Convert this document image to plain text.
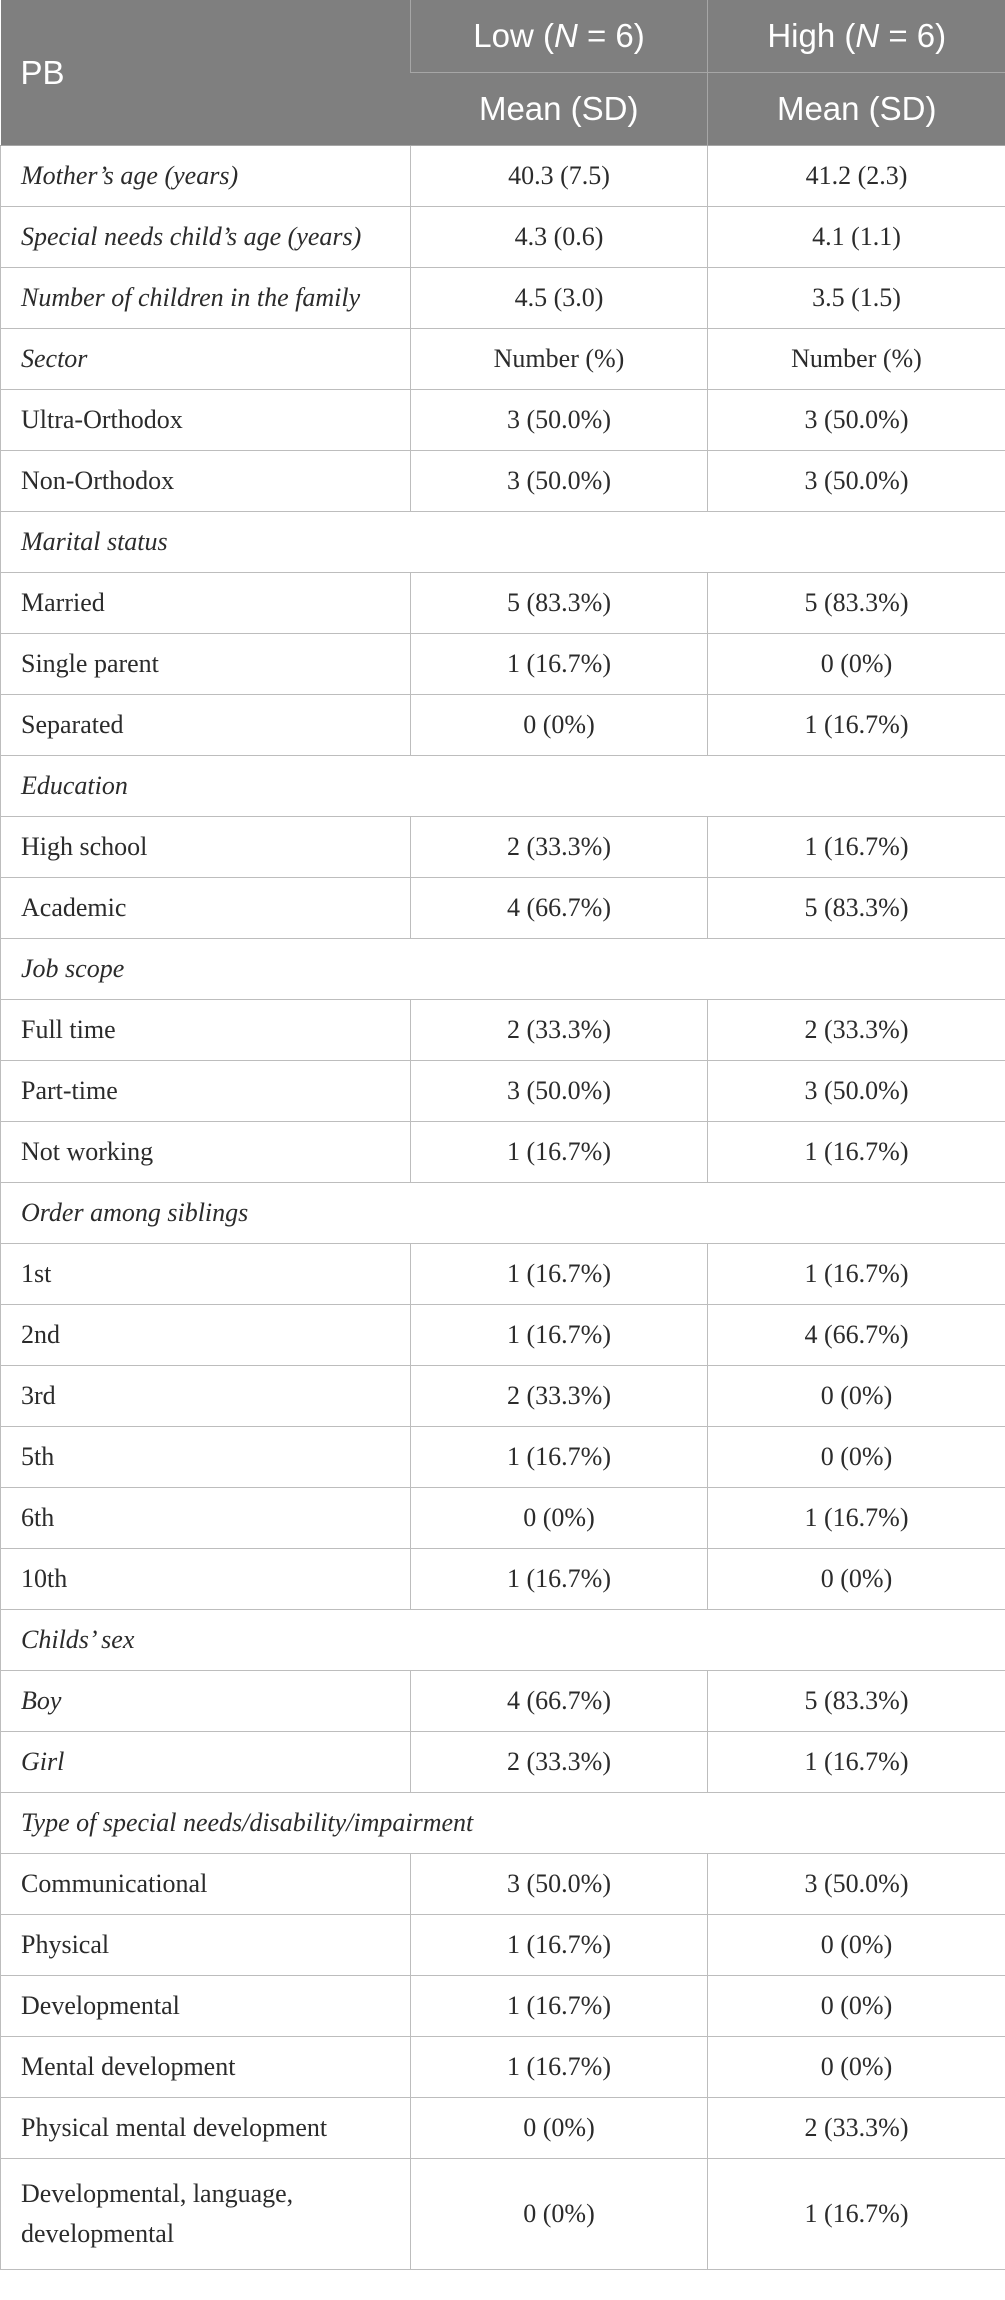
PB	Low (N = 6)	High (N = 6)
	Mean (SD)	Mean (SD)
Mother’s age (years)	40.3 (7.5)	41.2 (2.3)
Special needs child’s age (years)	4.3 (0.6)	4.1 (1.1)
Number of children in the family	4.5 (3.0)	3.5 (1.5)
Sector	Number (%)	Number (%)
Ultra-Orthodox	3 (50.0%)	3 (50.0%)
Non-Orthodox	3 (50.0%)	3 (50.0%)
Marital status		
Married	5 (83.3%)	5 (83.3%)
Single parent	1 (16.7%)	0 (0%)
Separated	0 (0%)	1 (16.7%)
Education		
High school	2 (33.3%)	1 (16.7%)
Academic	4 (66.7%)	5 (83.3%)
Job scope		
Full time	2 (33.3%)	2 (33.3%)
Part-time	3 (50.0%)	3 (50.0%)
Not working	1 (16.7%)	1 (16.7%)
Order among siblings		
1st	1 (16.7%)	1 (16.7%)
2nd	1 (16.7%)	4 (66.7%)
3rd	2 (33.3%)	0 (0%)
5th	1 (16.7%)	0 (0%)
6th	0 (0%)	1 (16.7%)
10th	1 (16.7%)	0 (0%)
Childs’ sex		
Boy	4 (66.7%)	5 (83.3%)
Girl	2 (33.3%)	1 (16.7%)
Type of special needs/disability/impairment		
Communicational	3 (50.0%)	3 (50.0%)
Physical	1 (16.7%)	0 (0%)
Developmental	1 (16.7%)	0 (0%)
Mental development	1 (16.7%)	0 (0%)
Physical mental development	0 (0%)	2 (33.3%)
Developmental, language, developmental	0 (0%)	1 (16.7%)
